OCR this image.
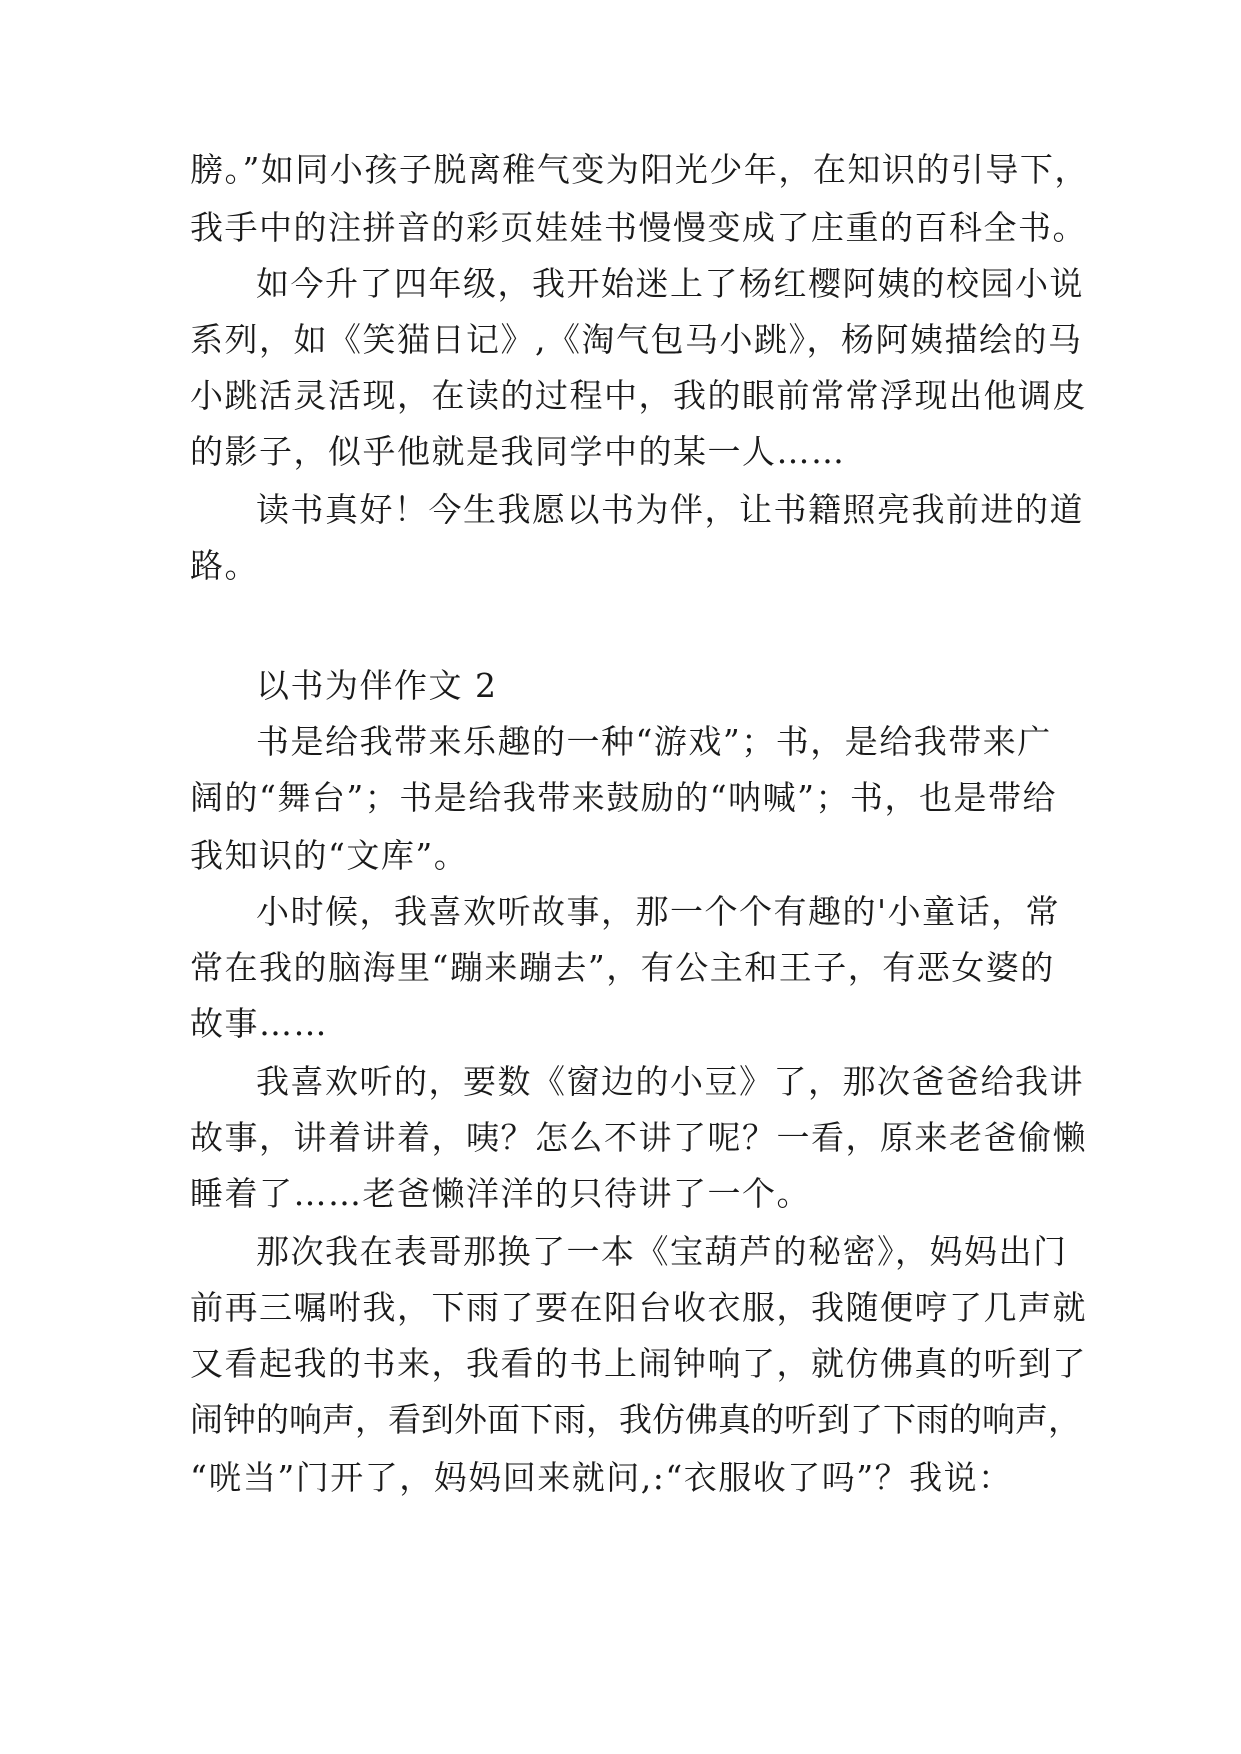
膀。”如同小孩子脱离稚气变为阳光少年，在知识的引导下，
我手中的注拼音的彩页娃娃书慢慢变成了庄重的百科全书。
如今升了四年级，我开始迷上了杨红樱阿姨的校园小说
系列，如《笑猫日记》,《淘气包马小跳》，杨阿姨描绘的马
小跳活灵活现，在读的过程中，我的眼前常常浮现出他调皮
的影子，似乎他就是我同学中的某一人……
读书真好！今生我愿以书为伴，让书籍照亮我前进的道
路。
以书为伴作文 2
书是给我带来乐趣的一种“游戏”；书，是给我带来广
阔的“舞台”；书是给我带来鼓励的“呐喊”；书，也是带给
我知识的“文库”。
小时候，我喜欢听故事，那一个个有趣的'小童话，常
常在我的脑海里“蹦来蹦去”，有公主和王子，有恶女婆的
故事……
我喜欢听的，要数《窗边的小豆》了，那次爸爸给我讲
故事，讲着讲着，咦？怎么不讲了呢？一看，原来老爸偷懒
睡着了……老爸懒洋洋的只待讲了一个。
那次我在表哥那换了一本《宝葫芦的秘密》，妈妈出门
前再三嘱咐我，下雨了要在阳台收衣服，我随便哼了几声就
又看起我的书来，我看的书上闹钟响了，就仿佛真的听到了
闹钟的响声，看到外面下雨，我仿佛真的听到了下雨的响声，
“咣当”门开了，妈妈回来就问,:“衣服收了吗”？我说：
